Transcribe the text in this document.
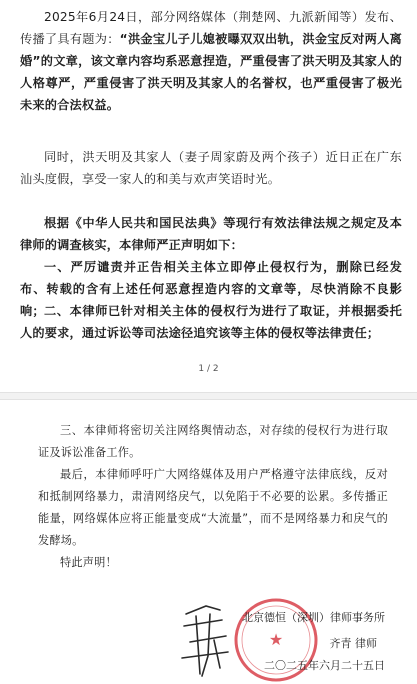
2025年6月24日，部分网络媒体（荆楚网、九派新闻等）发布、传播了具有题为：“洪金宝儿子儿媳被曝双双出轨，洪金宝反对两人离婚”的文章，该文章内容均系恶意捏造，严重侵害了洪天明及其家人的人格尊严，严重侵害了洪天明及其家人的名誉权，也严重侵害了极光未来的合法权益。

同时，洪天明及其家人（妻子周家蔚及两个孩子）近日正在广东汕头度假，享受一家人的和美与欢声笑语时光。

根据《中华人民共和国民法典》等现行有效法律法规之规定及本律师的调查核实，本律师严正声明如下：

一、严厉谴责并正告相关主体立即停止侵权行为，删除已经发布、转载的含有上述任何恶意捏造内容的文章等，尽快消除不良影响； 二、本律师已针对相关主体的侵权行为进行了取证，并根据委托人的要求，通过诉讼等司法途径追究该等主体的侵权等法律责任；

1 / 2

三、本律师将密切关注网络舆情动态，对存续的侵权行为进行取证及诉讼准备工作。

最后，本律师呼吁广大网络媒体及用户严格遵守法律底线，反对和抵制网络暴力，肃清网络戾气，以免陷于不必要的讼累。多传播正能量，网络媒体应将正能量变成“大流量”，而不是网络暴力和戾气的发酵场。

特此声明！

★
北京德恒（深圳）律师事务所
齐青 律师
二〇二五年六月二十五日
